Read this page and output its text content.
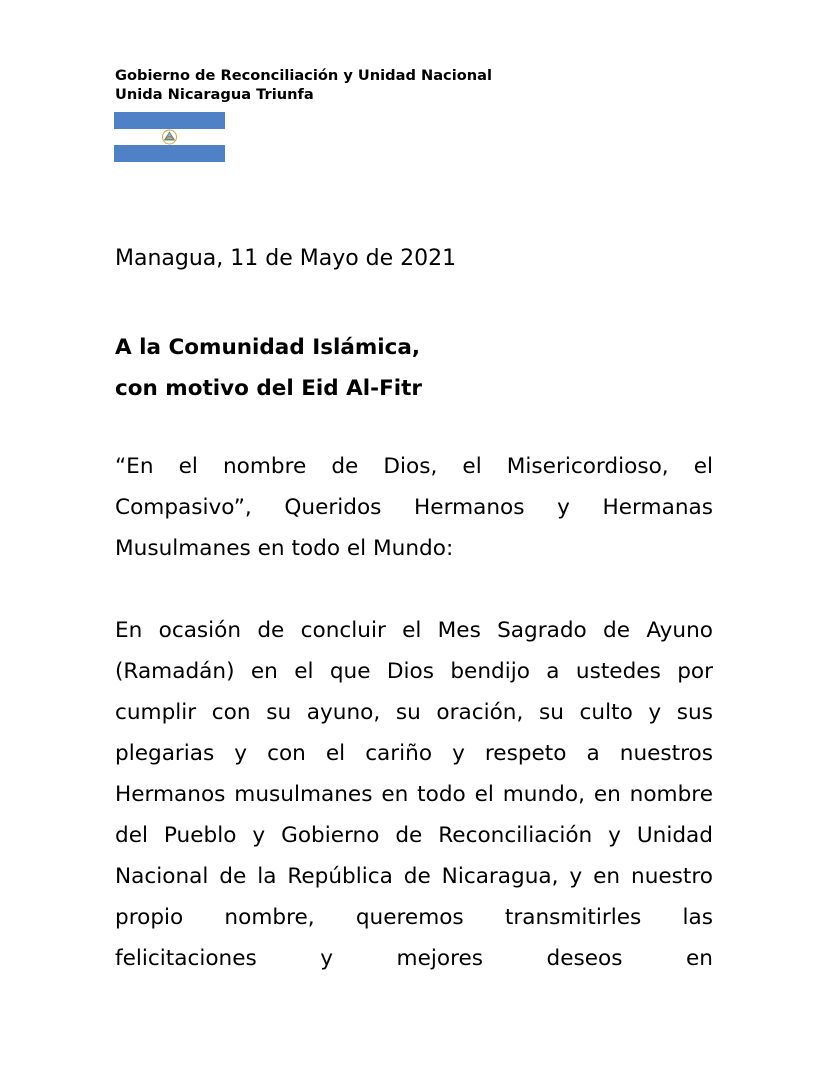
Gobierno de Reconciliación y Unidad Nacional
Unida Nicaragua Triunfa
Managua, 11 de Mayo de 2021
A la Comunidad Islámica,
con motivo del Eid Al-Fitr
“En el nombre de Dios, el Misericordioso, el Compasivo”, Queridos Hermanos y Hermanas Musulmanes en todo el Mundo:
En ocasión de concluir el Mes Sagrado de Ayuno (Ramadán) en el que Dios bendijo a ustedes por cumplir con su ayuno, su oración, su culto y sus plegarias y con el cariño y respeto a nuestros Hermanos musulmanes en todo el mundo, en nombre del Pueblo y Gobierno de Reconciliación y Unidad Nacional de la República de Nicaragua, y en nuestro propio nombre, queremos transmitirles las felicitaciones y mejores deseos en
